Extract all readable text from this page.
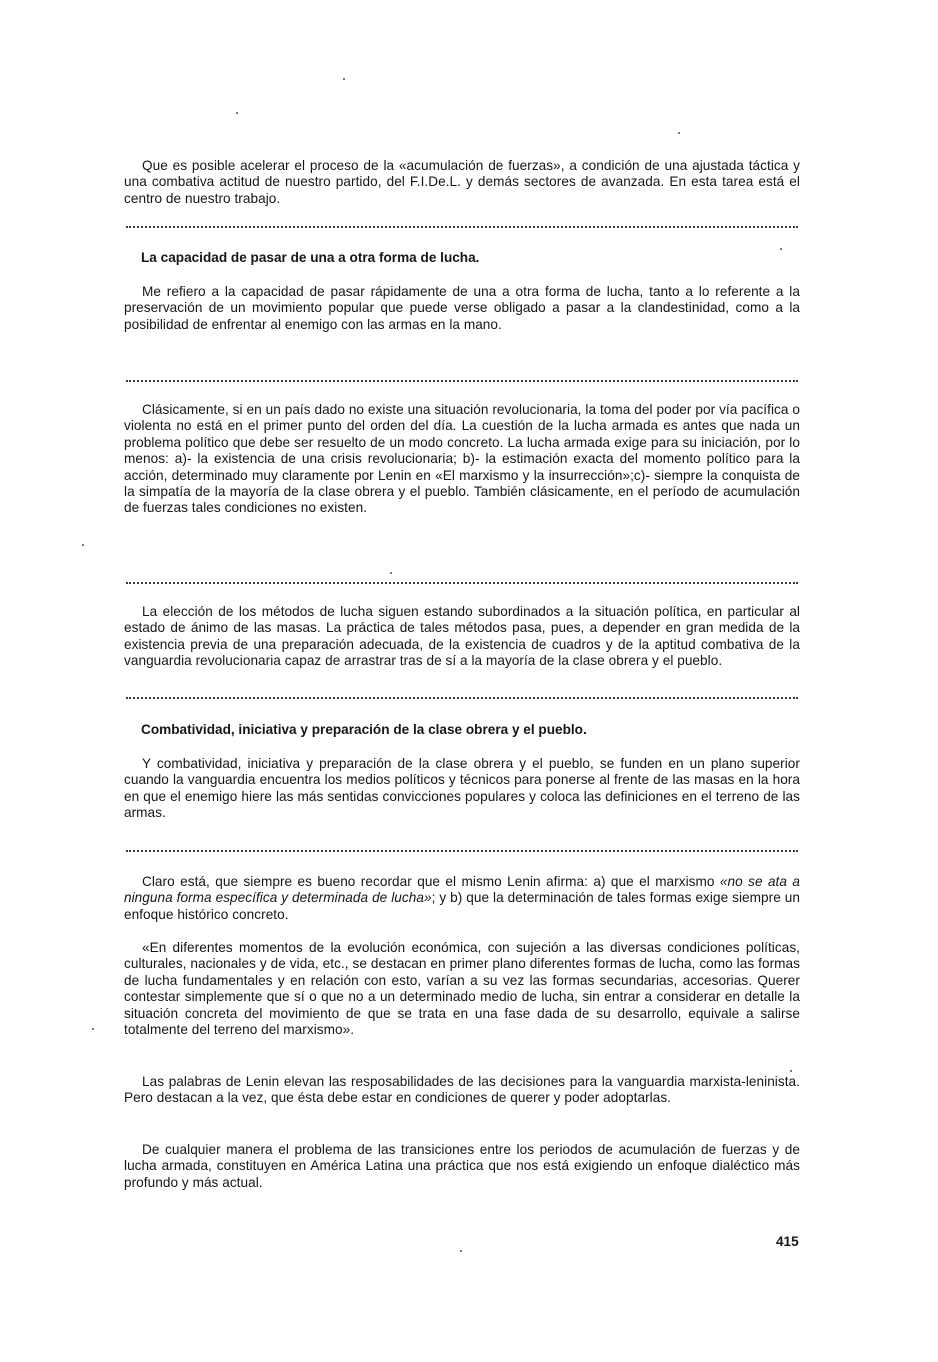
Que es posible acelerar el proceso de la «acumulación de fuerzas», a condición de una ajustada táctica y una combativa actitud de nuestro partido, del F.I.De.L. y demás sectores de avanzada. En esta tarea está el centro de nuestro trabajo.

La capacidad de pasar de una a otra forma de lucha.

Me refiero a la capacidad de pasar rápidamente de una a otra forma de lucha, tanto a lo referente a la preservación de un movimiento popular que puede verse obligado a pasar a la clandestinidad, como a la posibilidad de enfrentar al enemigo con las armas en la mano.

Clásicamente, si en un país dado no existe una situación revolucionaria, la toma del poder por vía pacífica o violenta no está en el primer punto del orden del día. La cuestión de la lucha armada es antes que nada un problema político que debe ser resuelto de un modo concreto. La lucha armada exige para su iniciación, por lo menos: a)- la existencia de una crisis revolucionaria; b)- la estimación exacta del momento político para la acción, determinado muy claramente por Lenin en «El marxismo y la insurrección»;c)- siempre la conquista de la simpatía de la mayoría de la clase obrera y el pueblo. También clásicamente, en el período de acumulación de fuerzas tales condiciones no existen.

La elección de los métodos de lucha siguen estando subordinados a la situación política, en particular al estado de ánimo de las masas. La práctica de tales métodos pasa, pues, a depender en gran medida de la existencia previa de una preparación adecuada, de la existencia de cuadros y de la aptitud combativa de la vanguardia revolucionaria capaz de arrastrar tras de sí a la mayoría de la clase obrera y el pueblo.

Combatividad, iniciativa y preparación de la clase obrera y el pueblo.

Y combatividad, iniciativa y preparación de la clase obrera y el pueblo, se funden en un plano superior cuando la vanguardia encuentra los medios políticos y técnicos para ponerse al frente de las masas en la hora en que el enemigo hiere las más sentidas convicciones populares y coloca las definiciones en el terreno de las armas.

Claro está, que siempre es bueno recordar que el mismo Lenin afirma: a) que el marxismo «no se ata a ninguna forma específica y determinada de lucha»; y b) que la determinación de tales formas exige siempre un enfoque histórico concreto.

«En diferentes momentos de la evolución económica, con sujeción a las diversas condiciones políticas, culturales, nacionales y de vida, etc., se destacan en primer plano diferentes formas de lucha, como las formas de lucha fundamentales y en relación con esto, varían a su vez las formas secundarias, accesorias. Querer contestar simplemente que sí o que no a un determinado medio de lucha, sin entrar a considerar en detalle la situación concreta del movimiento de que se trata en una fase dada de su desarrollo, equivale a salirse totalmente del terreno del marxismo».

Las palabras de Lenin elevan las resposabilidades de las decisiones para la vanguardia marxista-leninista. Pero destacan a la vez, que ésta debe estar en condiciones de querer y poder adoptarlas.

De cualquier manera el problema de las transiciones entre los periodos de acumulación de fuerzas y de lucha armada, constituyen en América Latina una práctica que nos está exigiendo un enfoque dialéctico más profundo y más actual.

415
